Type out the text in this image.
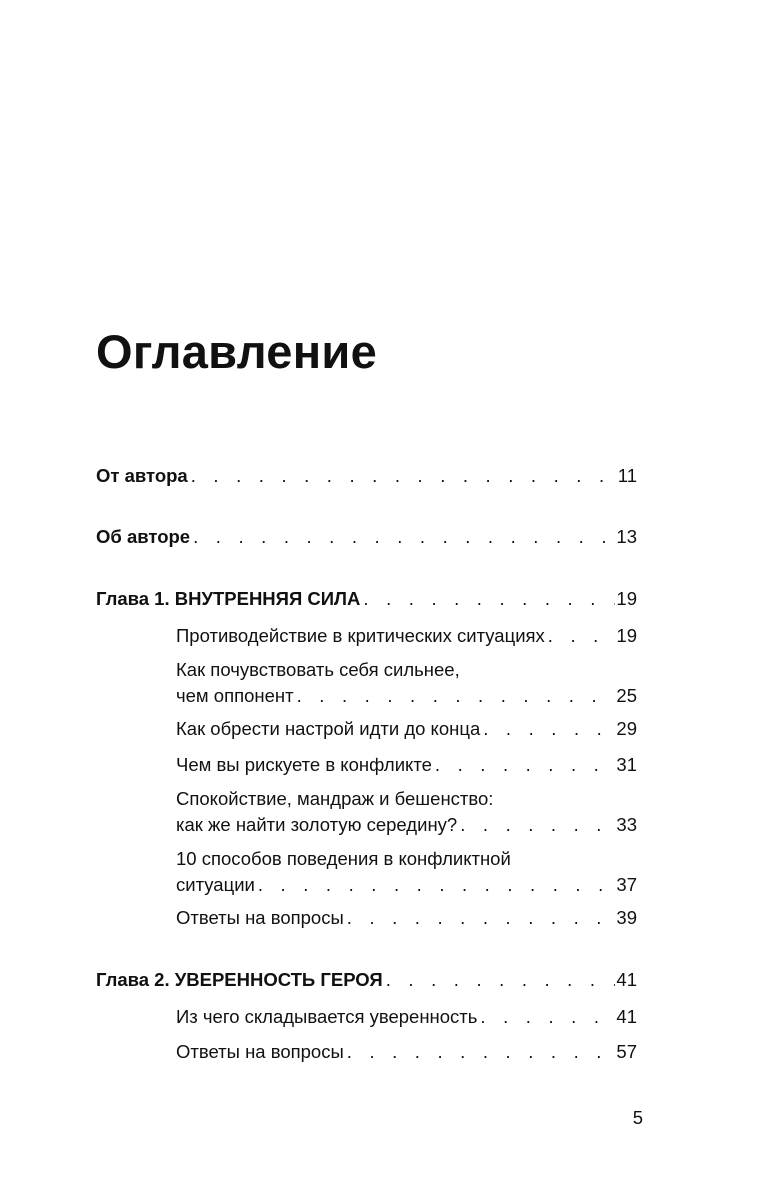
Оглавление
От автора . . .	11
Об авторе . . .	13
Глава 1. ВНУТРЕННЯЯ СИЛА . . .	19
Противодействие в критических ситуациях . . .	19
Как почувствовать себя сильнее,
чем оппонент . . .	25
Как обрести настрой идти до конца . . .	29
Чем вы рискуете в конфликте . . .	31
Спокойствие, мандраж и бешенство:
как же найти золотую середину? . . .	33
10 способов поведения в конфликтной
ситуации . . .	37
Ответы на вопросы . . .	39
Глава 2. УВЕРЕННОСТЬ ГЕРОЯ . . .	41
Из чего складывается уверенность . . .	41
Ответы на вопросы . . .	57
5
